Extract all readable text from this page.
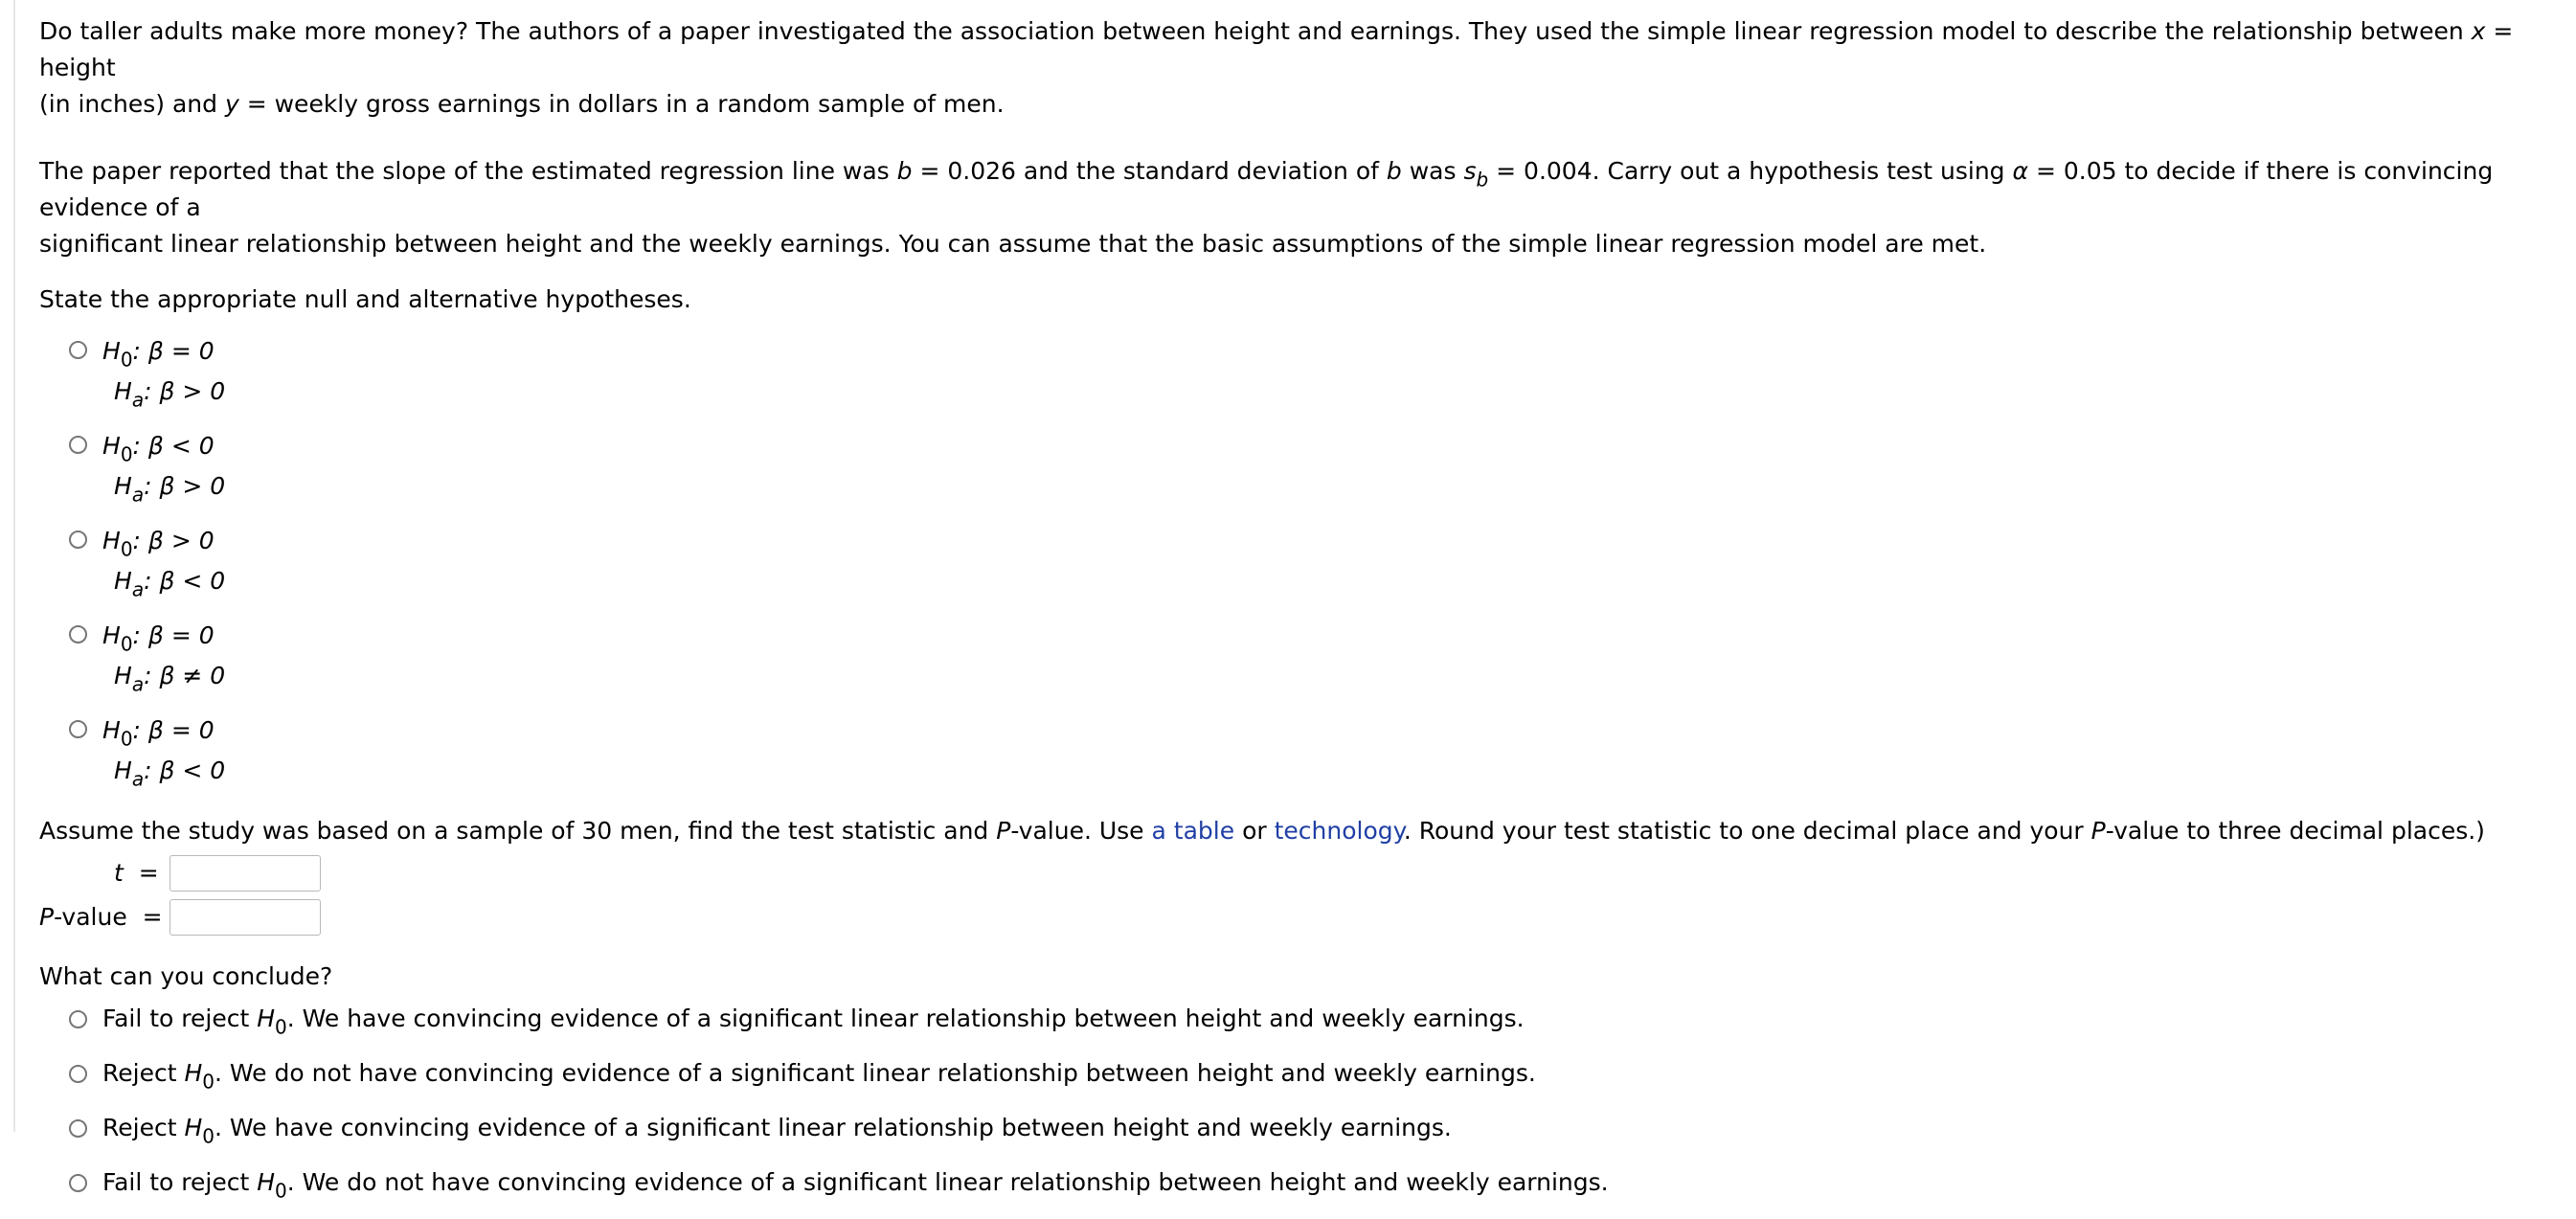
Do taller adults make more money? The authors of a paper investigated the association between height and earnings. They used the simple linear regression model to describe the relationship between x = height

(in inches) and y = weekly gross earnings in dollars in a random sample of men.

The paper reported that the slope of the estimated regression line was b = 0.026 and the standard deviation of b was $s_b = 0.004$. Carry out a hypothesis test using α = 0.05 to decide if there is convincing evidence of a

significant linear relationship between height and the weekly earnings. You can assume that the basic assumptions of the simple linear regression model are met.

State the appropriate null and alternative hypotheses.

$H_0$: β = 0
$H_a$: β > 0
$H_0$: β < 0
$H_a$: β > 0
$H_0$: β > 0
$H_a$: β < 0
$H_0$: β = 0
$H_a$: β ≠ 0
$H_0$: β = 0
$H_a$: β < 0

Assume the study was based on a sample of 30 men, find the test statistic and P-value. Use a table or technology. Round your test statistic to one decimal place and your P-value to three decimal places.)

t =
P-value =

What can you conclude?

Fail to reject $H_0$. We have convincing evidence of a significant linear relationship between height and weekly earnings.
Reject $H_0$. We do not have convincing evidence of a significant linear relationship between height and weekly earnings.
Reject $H_0$. We have convincing evidence of a significant linear relationship between height and weekly earnings.
Fail to reject $H_0$. We do not have convincing evidence of a significant linear relationship between height and weekly earnings.
